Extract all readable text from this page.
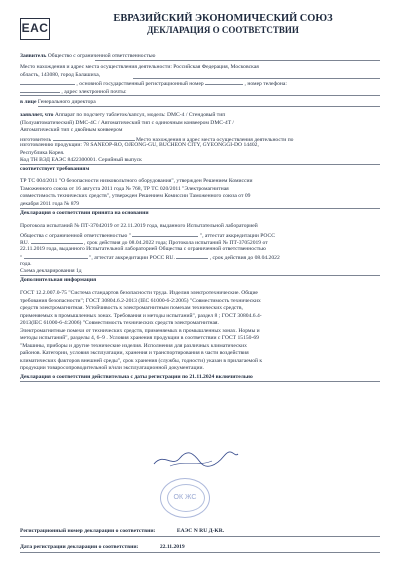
EAC
ЕВРАЗИЙСКИЙ ЭКОНОМИЧЕСКИЙ СОЮЗ
ДЕКЛАРАЦИЯ О СООТВЕТСТВИИ
Заявитель Общество с ограниченной ответственностью
Место нахождения и адрес места осуществления деятельности: Российская Федерация, Московская
область, 143080, город Балашиха,
, основной государственный регистрационный номер	, номер телефона:
, адрес электронной почты:
в лице Генерального директора
заявляет, что Аппарат по подсчету таблеток/капсул, модель: DMC-4 / Стендовый тип
(Полуавтоматический) DMC-4C / Автоматический тип с одиночным конвеером DMC-4T /
Автоматический тип с двойным конвеером
изготовитель	Место нахождения и адрес места осуществления деятельности по
изготовлению продукции: 78 SANEOP-RO, OJEONG-GU, BUCHEON CITY, GYEONGGI-DO 14402,
Республика Корея.
Код ТН ВЭД ЕАЭС 8422300001. Серийный выпуск
соответствует требованиям
ТР ТС 004/2011 "О безопасности низковольтного оборудования", утвержден Решением Комиссии
Таможенного союза от 16 августа 2011 года № 768, ТР ТС 020/2011 "Электромагнитная
совместимость технических средств", утвержден Решением Комиссии Таможенного союза от 09
декабря 2011 года № 879
Декларация о соответствии принята на основании
Протокола испытаний № ПТ-37042019 от 22.11.2019 года, выданного Испытательной лабораторией
Общества с ограниченной ответственностью "	", аттестат аккредитации РОСС
RU.	, срок действия до 08.04.2022 года; Протокола испытаний № ПТ-37052019 от
22.11.2019 года, выданного Испытательной лабораторией Общества с ограниченной ответственностью
"	", аттестат аккредитации РОСС RU.	, срок действия до 08.04.2022
года.
Схема декларирования 1д
Дополнительная информация
ГОСТ 12.2.007.0-75 "Система стандартов безопасности труда. Изделия электротехнические. Общие
требования безопасности"; ГОСТ 30804.6.2-2013 (IEC 61000-6-2:2005) "Совместимость технических
средств электромагнитная. Устойчивость к электромагнитным помехам технических средств,
применяемых в промышленных зонах. Требования и методы испытаний", раздел 8 ; ГОСТ 30804.6.4-
2013(IEC 61000-6-4:2006) "Совместимость технических средств электромагнитная.
Электромагнитные помехи от технических средств, применяемых в промышленных зонах. Нормы и
методы испытаний", разделы 4, 6–9 . Условия хранения продукции в соответствии с ГОСТ 15150-69
"Машины, приборы и другие технические изделия. Исполнения для различных климатических
районов. Категории, условия эксплуатации, хранения и транспортирования в части воздействия
климатических факторов внешней среды", срок хранения (службы, годности) указан в прилагаемой к
продукции товаросопроводительной и/или эксплуатационной документации.
Декларация о соответствии действительна с даты регистрации по 21.11.2024 включительно
ОК ЖС
Регистрационный номер декларации о соответствии:	ЕАЭС N RU Д-KR.
Дата регистрации декларации о соответствии:	22.11.2019
